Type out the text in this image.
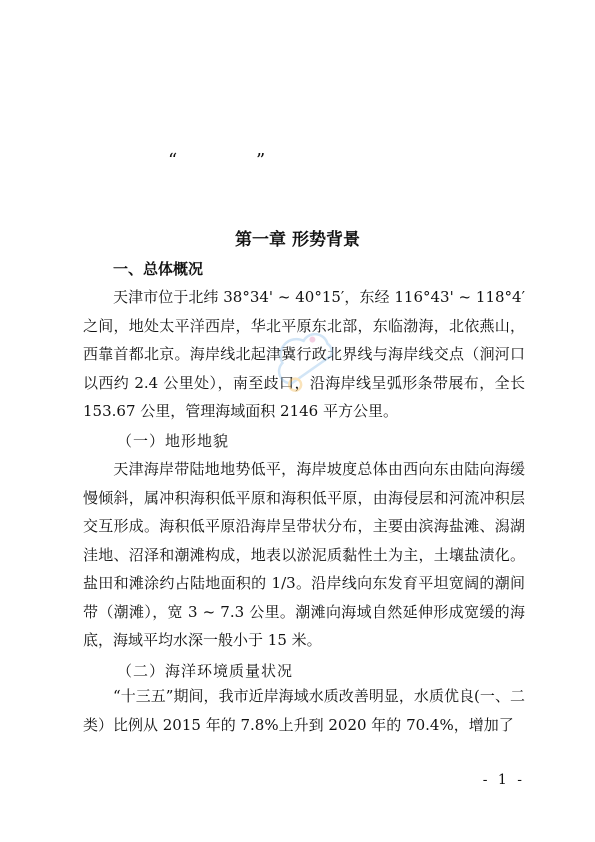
“	”
第一章 形势背景
一、总体概况
天津市位于北纬 38°34' ~ 40°15′，东经 116°43' ~ 118°4′之间，地处太平洋西岸，华北平原东北部，东临渤海，北依燕山，西靠首都北京。海岸线北起津冀行政北界线与海岸线交点（涧河口以西约 2.4 公里处），南至歧口，沿海岸线呈弧形条带展布，全长 153.67 公里，管理海域面积 2146 平方公里。
（一）地形地貌
天津海岸带陆地地势低平，海岸坡度总体由西向东由陆向海缓慢倾斜，属冲积海积低平原和海积低平原，由海侵层和河流冲积层交互形成。海积低平原沿海岸呈带状分布，主要由滨海盐滩、潟湖洼地、沼泽和潮滩构成，地表以淤泥质黏性土为主，土壤盐渍化。盐田和滩涂约占陆地面积的 1/3。沿岸线向东发育平坦宽阔的潮间带（潮滩），宽 3 ~ 7.3 公里。潮滩向海域自然延伸形成宽缓的海底，海域平均水深一般小于 15 米。
（二）海洋环境质量状况
“十三五”期间，我市近岸海域水质改善明显，水质优良(一、二类）比例从 2015 年的 7.8%上升到 2020 年的 70.4%，增加了
- 1 -
